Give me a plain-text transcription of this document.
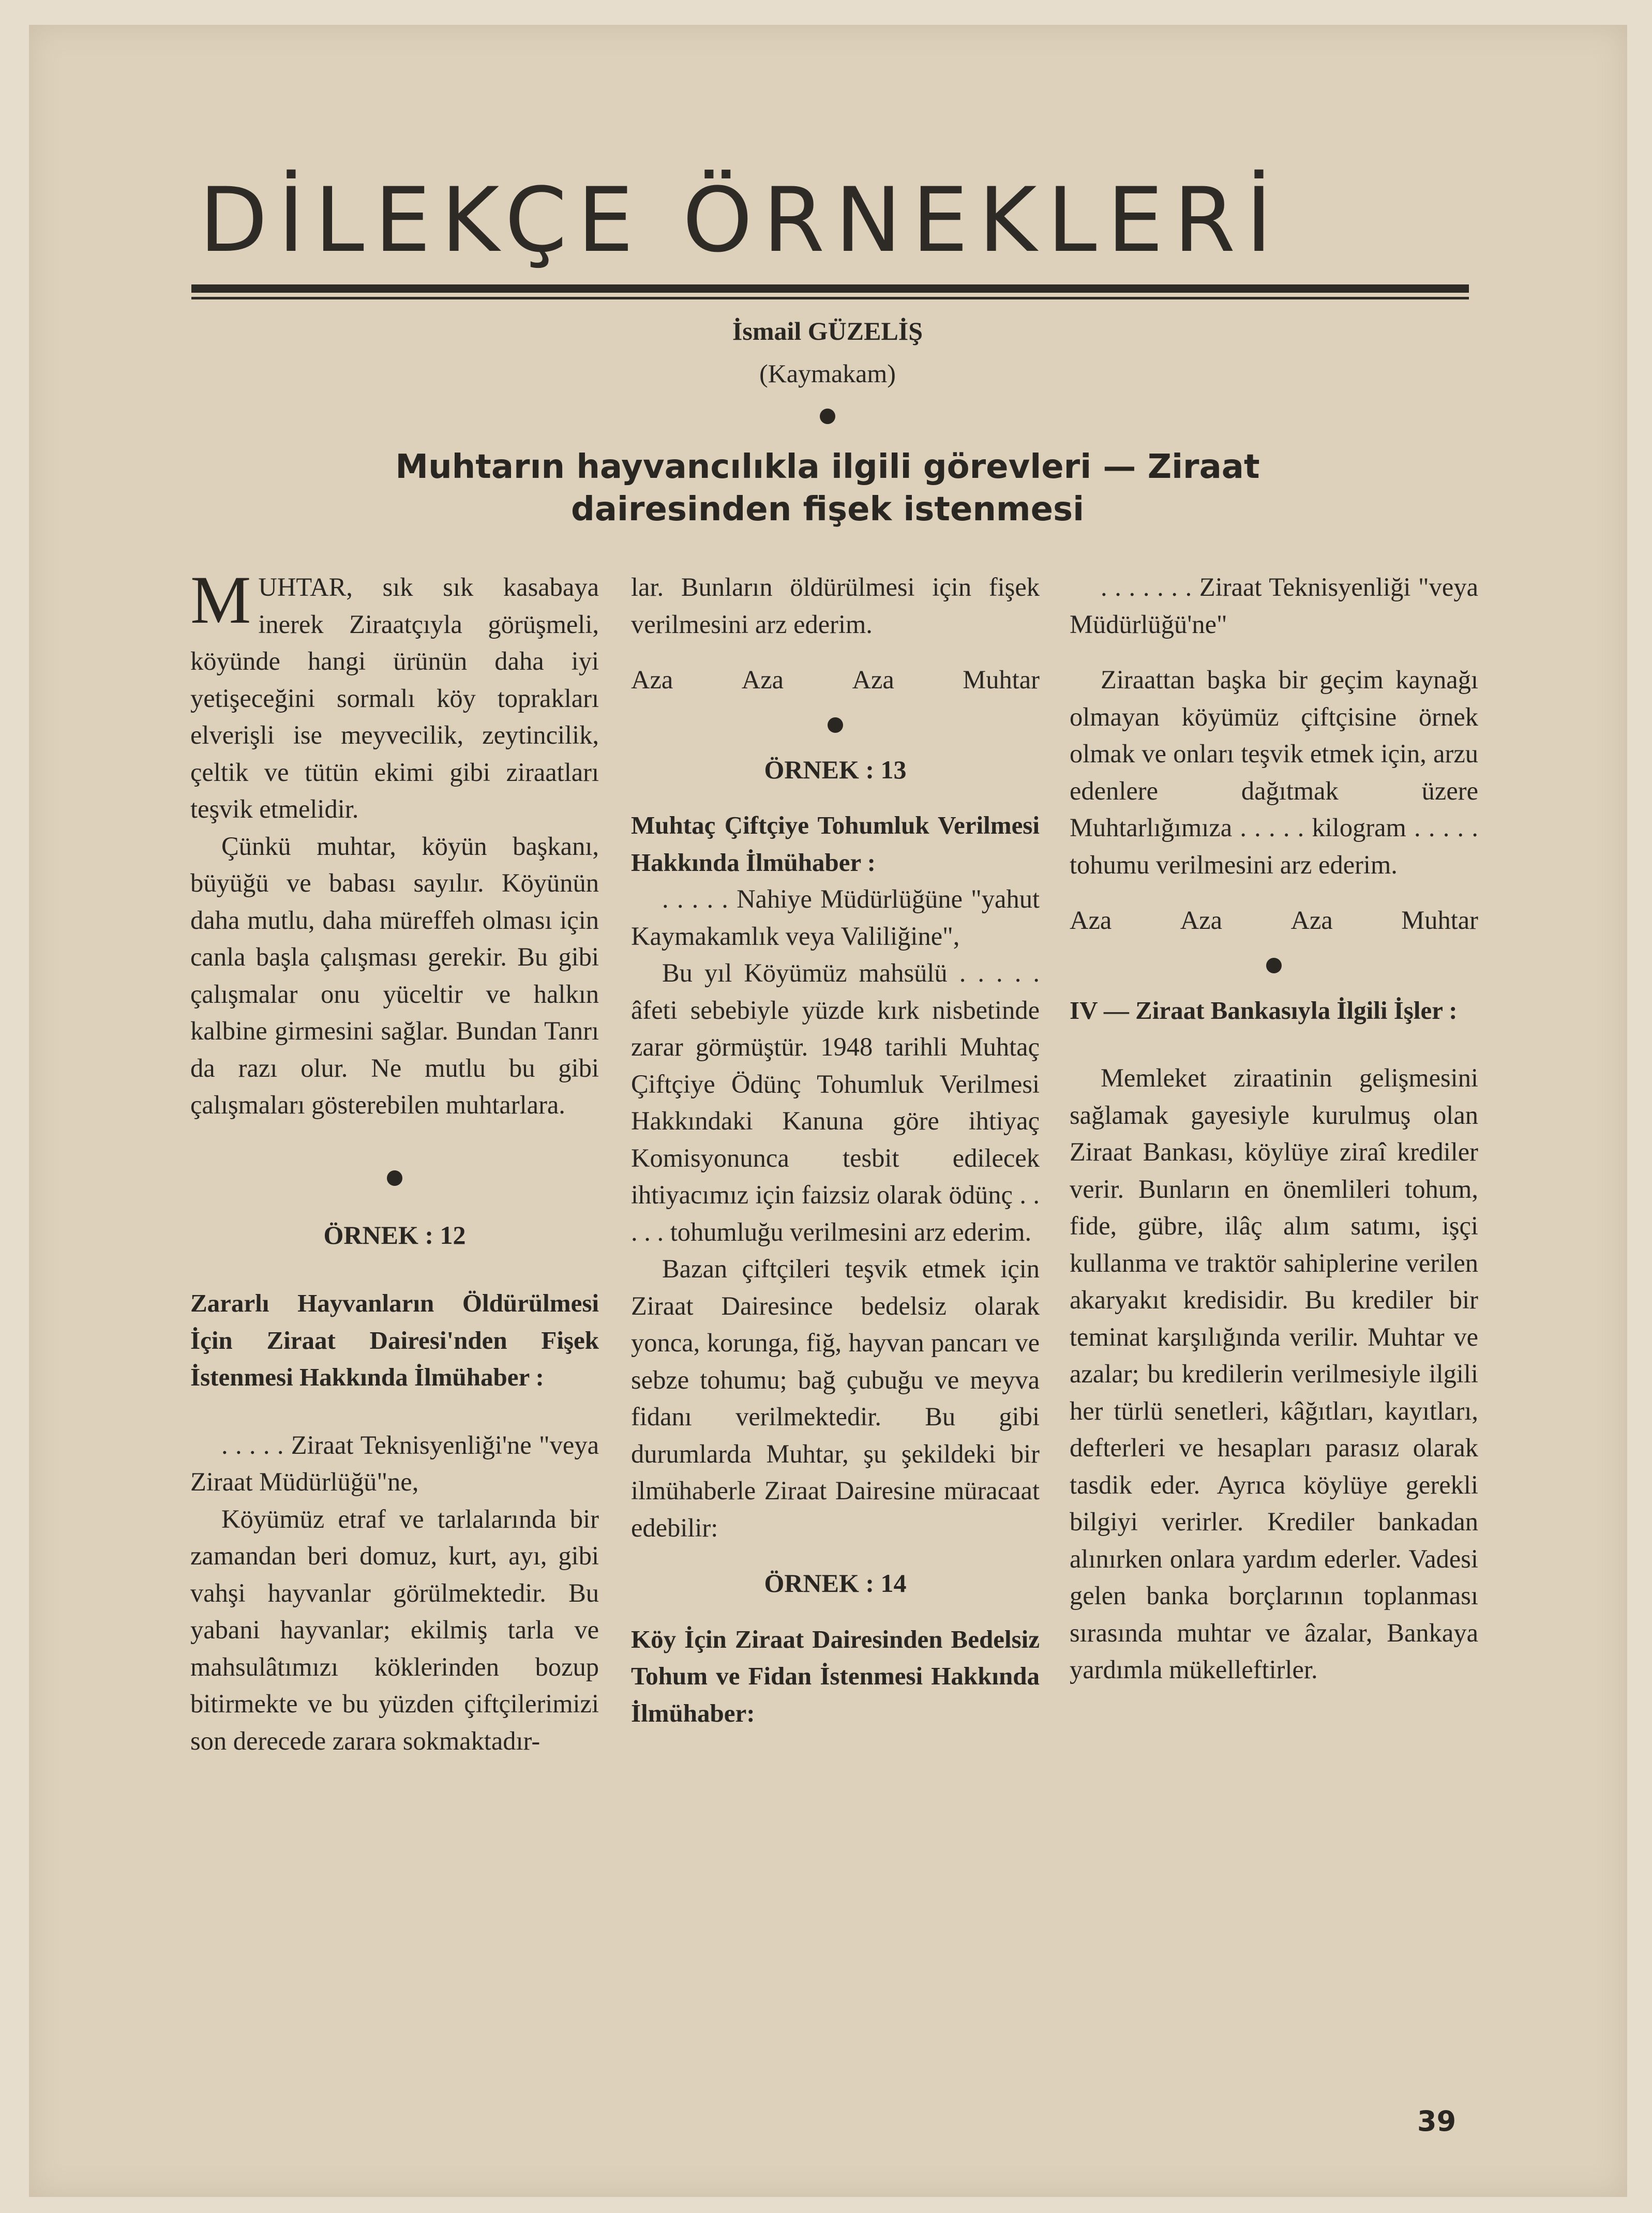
DİLEKÇE ÖRNEKLERİ
İsmail GÜZELİŞ
(Kaymakam)
Muhtarın hayvancılıkla ilgili görevleri — Ziraat
dairesinden fişek istenmesi

MUHTAR, sık sık kasabaya inerek Ziraatçıyla görüşmeli, köyünde hangi ürünün daha iyi yetişeceğini sormalı köy toprakları elverişli ise meyvecilik, zeytincilik, çeltik ve tütün ekimi gibi ziraatları teşvik etmelidir.

Çünkü muhtar, köyün başkanı, büyüğü ve babası sayılır. Köyünün daha mutlu, daha müreffeh olması için canla başla çalışması gerekir. Bu gibi çalışmalar onu yüceltir ve halkın kalbine girmesini sağlar. Bundan Tanrı da razı olur. Ne mutlu bu gibi çalışmaları gösterebilen muhtarlara.

ÖRNEK : 12

Zararlı Hayvanların Öldürülmesi İçin Ziraat Dairesi'nden Fişek İstenmesi Hakkında İlmühaber :

. . . . . Ziraat Teknisyenliği'ne "veya Ziraat Müdürlüğü"ne,

Köyümüz etraf ve tarlalarında bir zamandan beri domuz, kurt, ayı, gibi vahşi hayvanlar görülmektedir. Bu yabani hayvanlar; ekilmiş tarla ve mahsulâtımızı köklerinden bozup bitirmekte ve bu yüzden çiftçilerimizi son derecede zarara sokmaktadır-

lar. Bunların öldürülmesi için fişek verilmesini arz ederim.

Aza	Aza	Aza	Muhtar

ÖRNEK : 13

Muhtaç Çiftçiye Tohumluk Verilmesi Hakkında İlmühaber :

. . . . . Nahiye Müdürlüğüne "yahut Kaymakamlık veya Valiliğine",

Bu yıl Köyümüz mahsülü . . . . . âfeti sebebiyle yüzde kırk nisbetinde zarar görmüştür. 1948 tarihli Muhtaç Çiftçiye Ödünç Tohumluk Verilmesi Hakkındaki Kanuna göre ihtiyaç Komisyonunca tesbit edilecek ihtiyacımız için faizsiz olarak ödünç . . . . . tohumluğu verilmesini arz ederim.

Bazan çiftçileri teşvik etmek için Ziraat Dairesince bedelsiz olarak yonca, korunga, fiğ, hayvan pancarı ve sebze tohumu; bağ çubuğu ve meyva fidanı verilmektedir. Bu gibi durumlarda Muhtar, şu şekildeki bir ilmühaberle Ziraat Dairesine müracaat edebilir:

ÖRNEK : 14

Köy İçin Ziraat Dairesinden Bedelsiz Tohum ve Fidan İstenmesi Hakkında İlmühaber:

. . . . . . . Ziraat Teknisyenliği "veya Müdürlüğü'ne"

Ziraattan başka bir geçim kaynağı olmayan köyümüz çiftçisine örnek olmak ve onları teşvik etmek için, arzu edenlere dağıtmak üzere Muhtarlığımıza . . . . . kilogram . . . . . tohumu verilmesini arz ederim.

Aza	Aza	Aza	Muhtar

IV — Ziraat Bankasıyla İlgili İşler :

Memleket ziraatinin gelişmesini sağlamak gayesiyle kurulmuş olan Ziraat Bankası, köylüye ziraî krediler verir. Bunların en önemlileri tohum, fide, gübre, ilâç alım satımı, işçi kullanma ve traktör sahiplerine verilen akaryakıt kredisidir. Bu krediler bir teminat karşılığında verilir. Muhtar ve azalar; bu kredilerin verilmesiyle ilgili her türlü senetleri, kâğıtları, kayıtları, defterleri ve hesapları parasız olarak tasdik eder. Ayrıca köylüye gerekli bilgiyi verirler. Krediler bankadan alınırken onlara yardım ederler. Vadesi gelen banka borçlarının toplanması sırasında muhtar ve âzalar, Bankaya yardımla mükelleftirler.

39
